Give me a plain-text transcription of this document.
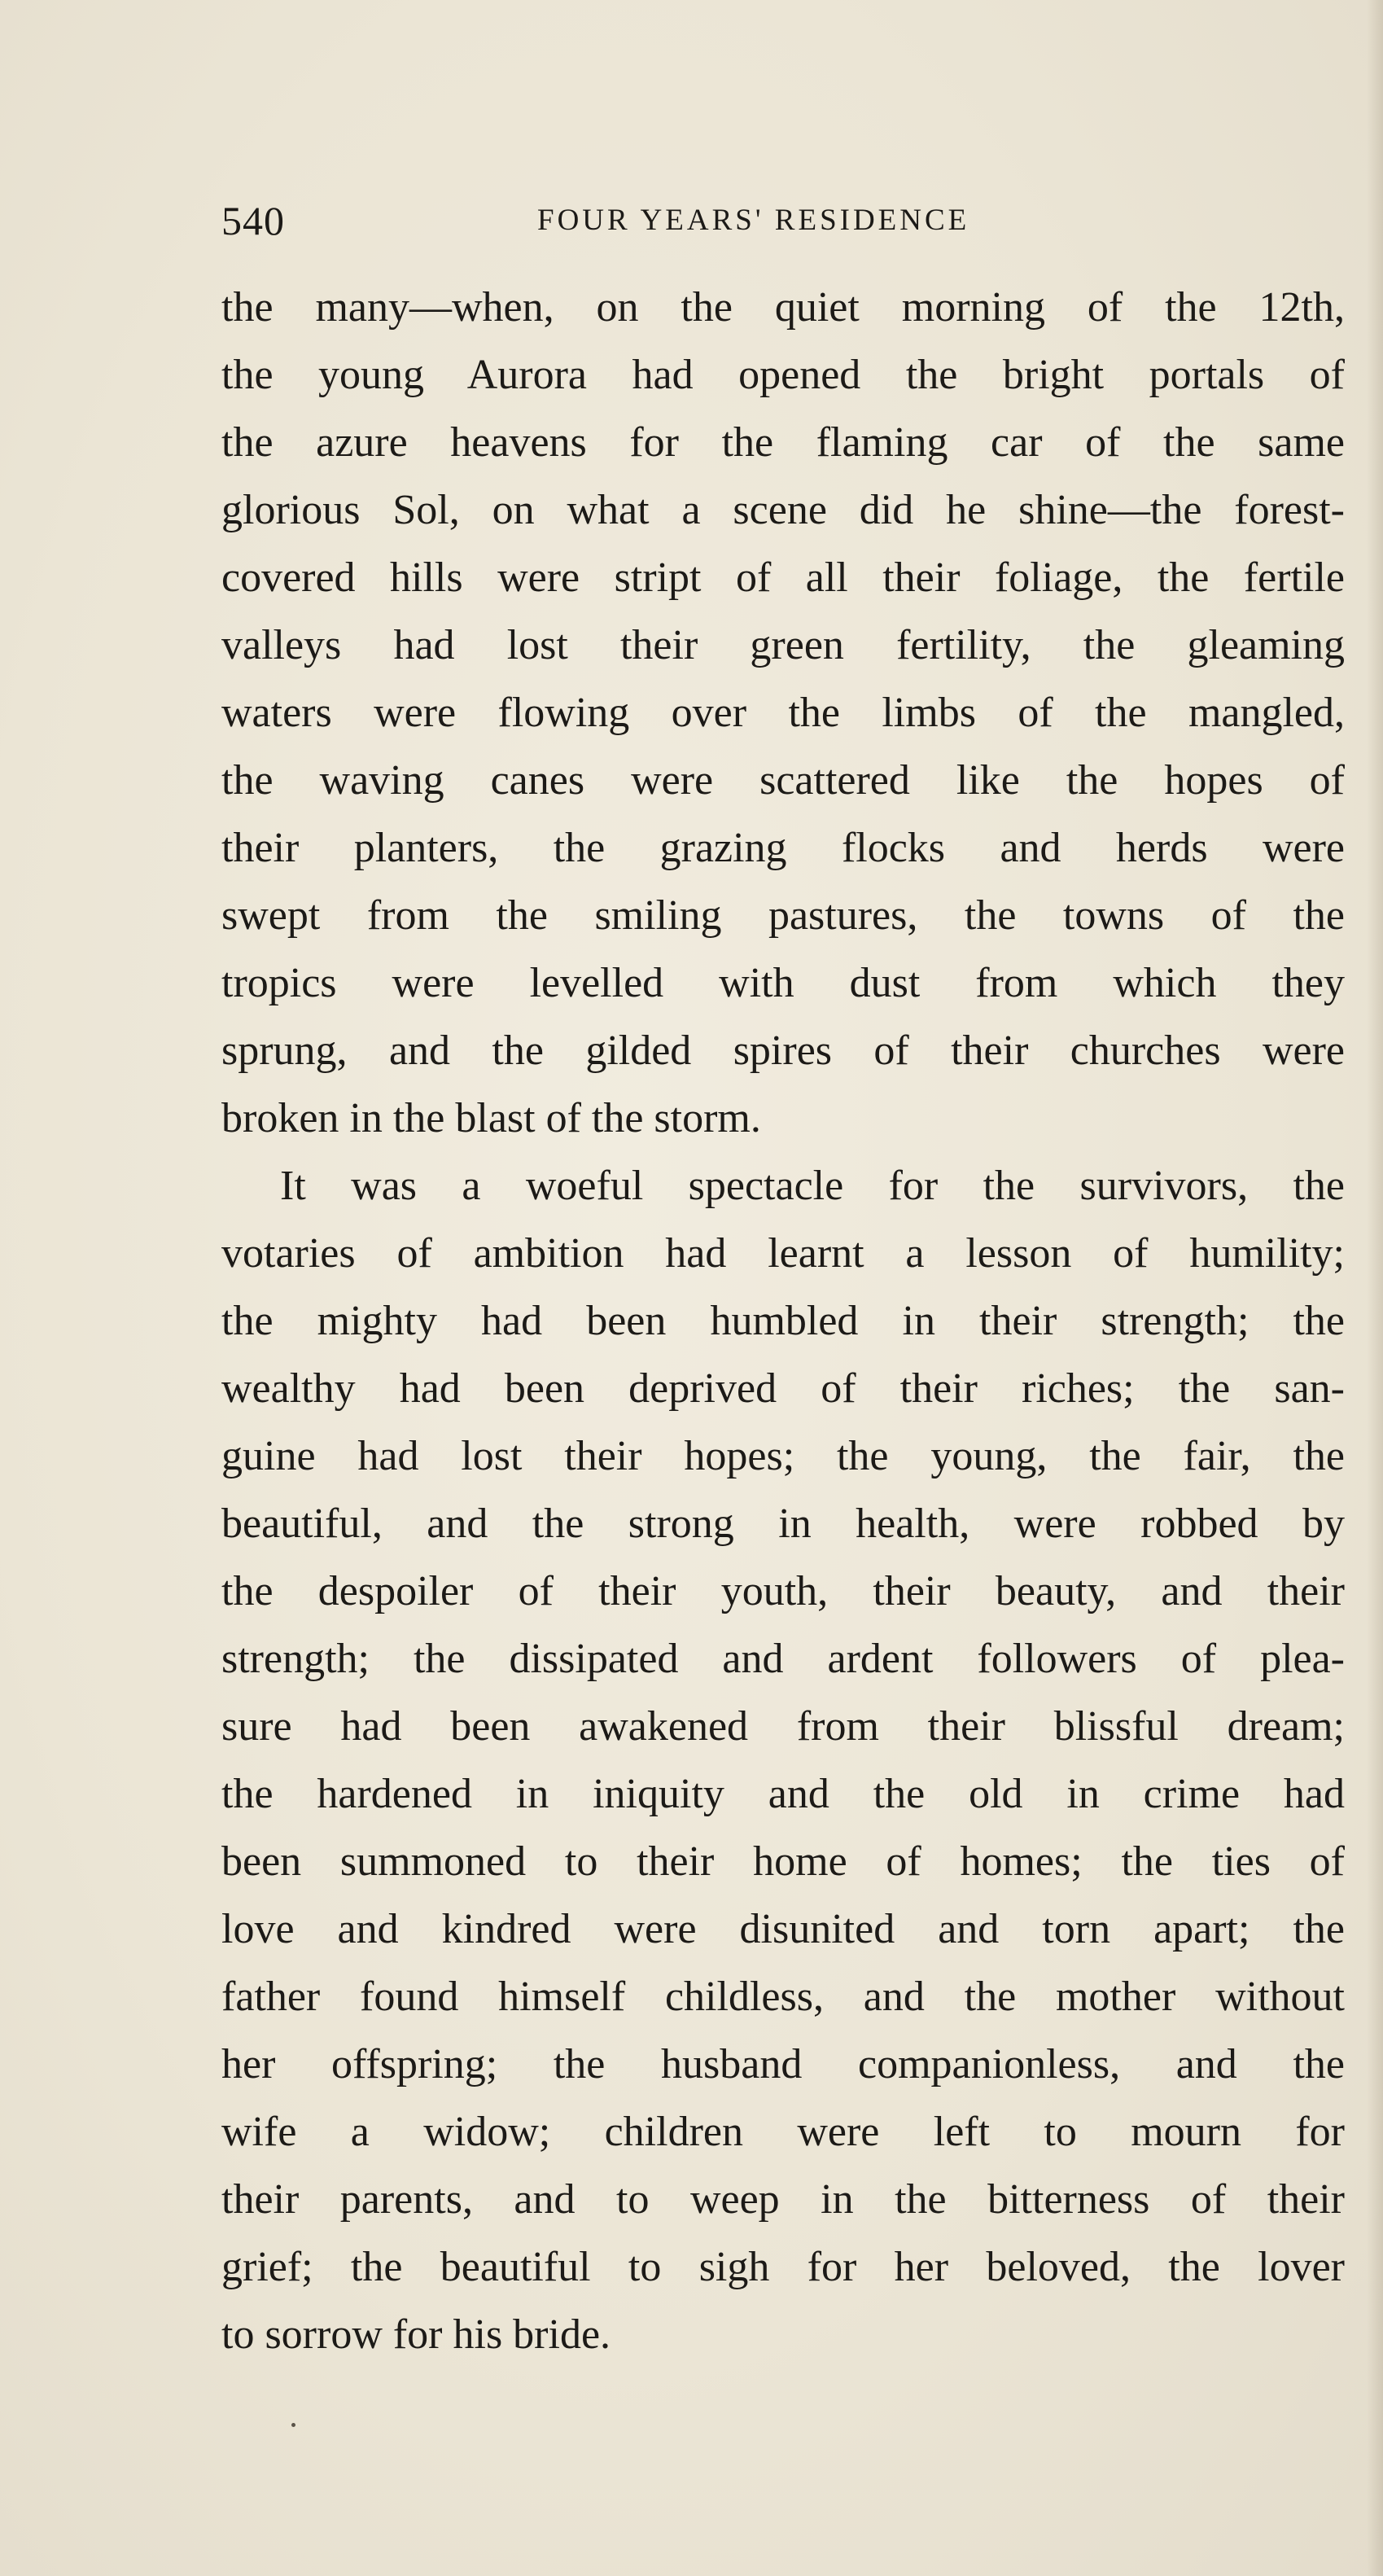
540	FOUR YEARS' RESIDENCE
the many—when, on the quiet morning of the 12th,
the young Aurora had opened the bright portals of
the azure heavens for the flaming car of the same
glorious Sol, on what a scene did he shine—the forest-
covered hills were stript of all their foliage, the fertile
valleys had lost their green fertility, the gleaming
waters were flowing over the limbs of the mangled,
the waving canes were scattered like the hopes of
their planters, the grazing flocks and herds were
swept from the smiling pastures, the towns of the
tropics were levelled with dust from which they
sprung, and the gilded spires of their churches were
broken in the blast of the storm.
It was a woeful spectacle for the survivors, the
votaries of ambition had learnt a lesson of humility;
the mighty had been humbled in their strength; the
wealthy had been deprived of their riches; the san-
guine had lost their hopes; the young, the fair, the
beautiful, and the strong in health, were robbed by
the despoiler of their youth, their beauty, and their
strength; the dissipated and ardent followers of plea-
sure had been awakened from their blissful dream;
the hardened in iniquity and the old in crime had
been summoned to their home of homes; the ties of
love and kindred were disunited and torn apart; the
father found himself childless, and the mother without
her offspring; the husband companionless, and the
wife a widow; children were left to mourn for
their parents, and to weep in the bitterness of their
grief; the beautiful to sigh for her beloved, the lover
to sorrow for his bride.
